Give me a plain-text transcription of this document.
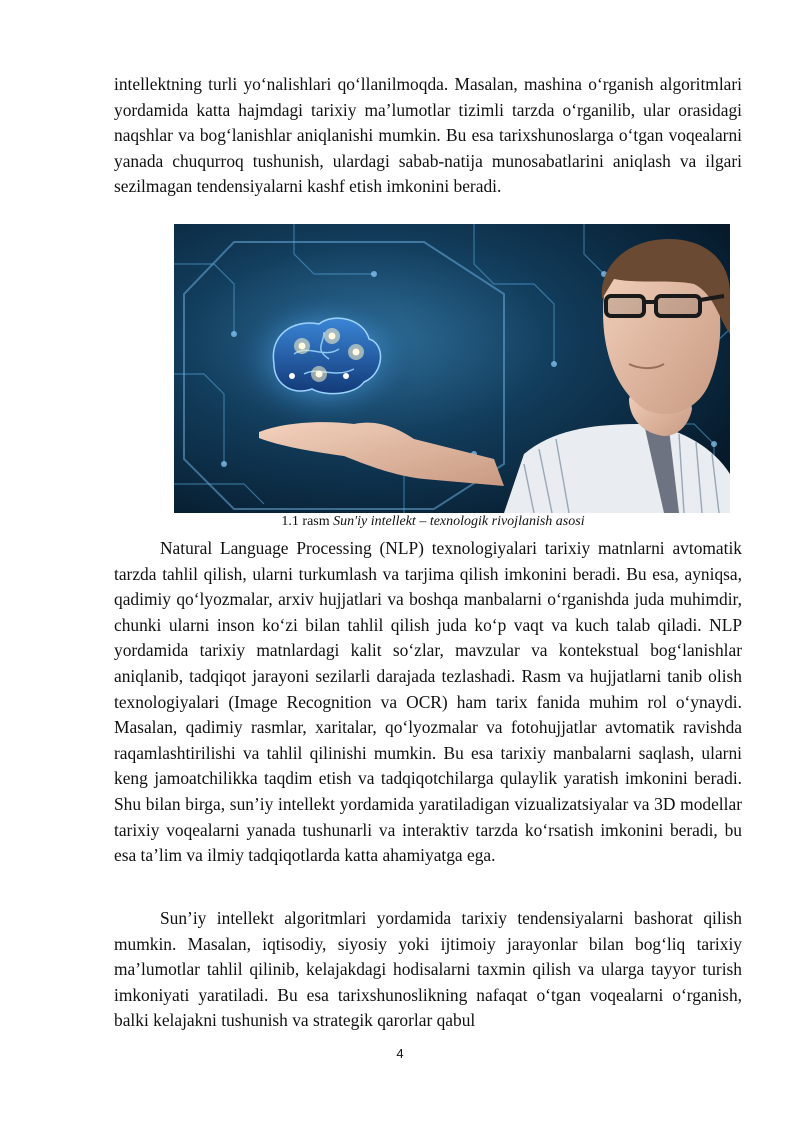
intellektning turli yo‘nalishlari qo‘llanilmoqda. Masalan, mashina o‘rganish algoritmlari yordamida katta hajmdagi tarixiy ma’lumotlar tizimli tarzda o‘rganilib, ular orasidagi naqshlar va bog‘lanishlar aniqlanishi mumkin. Bu esa tarixshunoslarga o‘tgan voqealarni yanada chuqurroq tushunish, ulardagi sabab-natija munosabatlarini aniqlash va ilgari sezilmagan tendensiyalarni kashf etish imkonini beradi.

1.1 rasm Sun'iy intellekt – texnologik rivojlanish asosi

Natural Language Processing (NLP) texnologiyalari tarixiy matnlarni avtomatik tarzda tahlil qilish, ularni turkumlash va tarjima qilish imkonini beradi. Bu esa, ayniqsa, qadimiy qo‘lyozmalar, arxiv hujjatlari va boshqa manbalarni o‘rganishda juda muhimdir, chunki ularni inson ko‘zi bilan tahlil qilish juda ko‘p vaqt va kuch talab qiladi. NLP yordamida tarixiy matnlardagi kalit so‘zlar, mavzular va kontekstual bog‘lanishlar aniqlanib, tadqiqot jarayoni sezilarli darajada tezlashadi. Rasm va hujjatlarni tanib olish texnologiyalari (Image Recognition va OCR) ham tarix fanida muhim rol o‘ynaydi. Masalan, qadimiy rasmlar, xaritalar, qo‘lyozmalar va fotohujjatlar avtomatik ravishda raqamlashtirilishi va tahlil qilinishi mumkin. Bu esa tarixiy manbalarni saqlash, ularni keng jamoatchilikka taqdim etish va tadqiqotchilarga qulaylik yaratish imkonini beradi. Shu bilan birga, sun’iy intellekt yordamida yaratiladigan vizualizatsiyalar va 3D modellar tarixiy voqealarni yanada tushunarli va interaktiv tarzda ko‘rsatish imkonini beradi, bu esa ta’lim va ilmiy tadqiqotlarda katta ahamiyatga ega.

Sun’iy intellekt algoritmlari yordamida tarixiy tendensiyalarni bashorat qilish mumkin. Masalan, iqtisodiy, siyosiy yoki ijtimoiy jarayonlar bilan bog‘liq tarixiy ma’lumotlar tahlil qilinib, kelajakdagi hodisalarni taxmin qilish va ularga tayyor turish imkoniyati yaratiladi. Bu esa tarixshunoslikning nafaqat o‘tgan voqealarni o‘rganish, balki kelajakni tushunish va strategik qarorlar qabul

4
